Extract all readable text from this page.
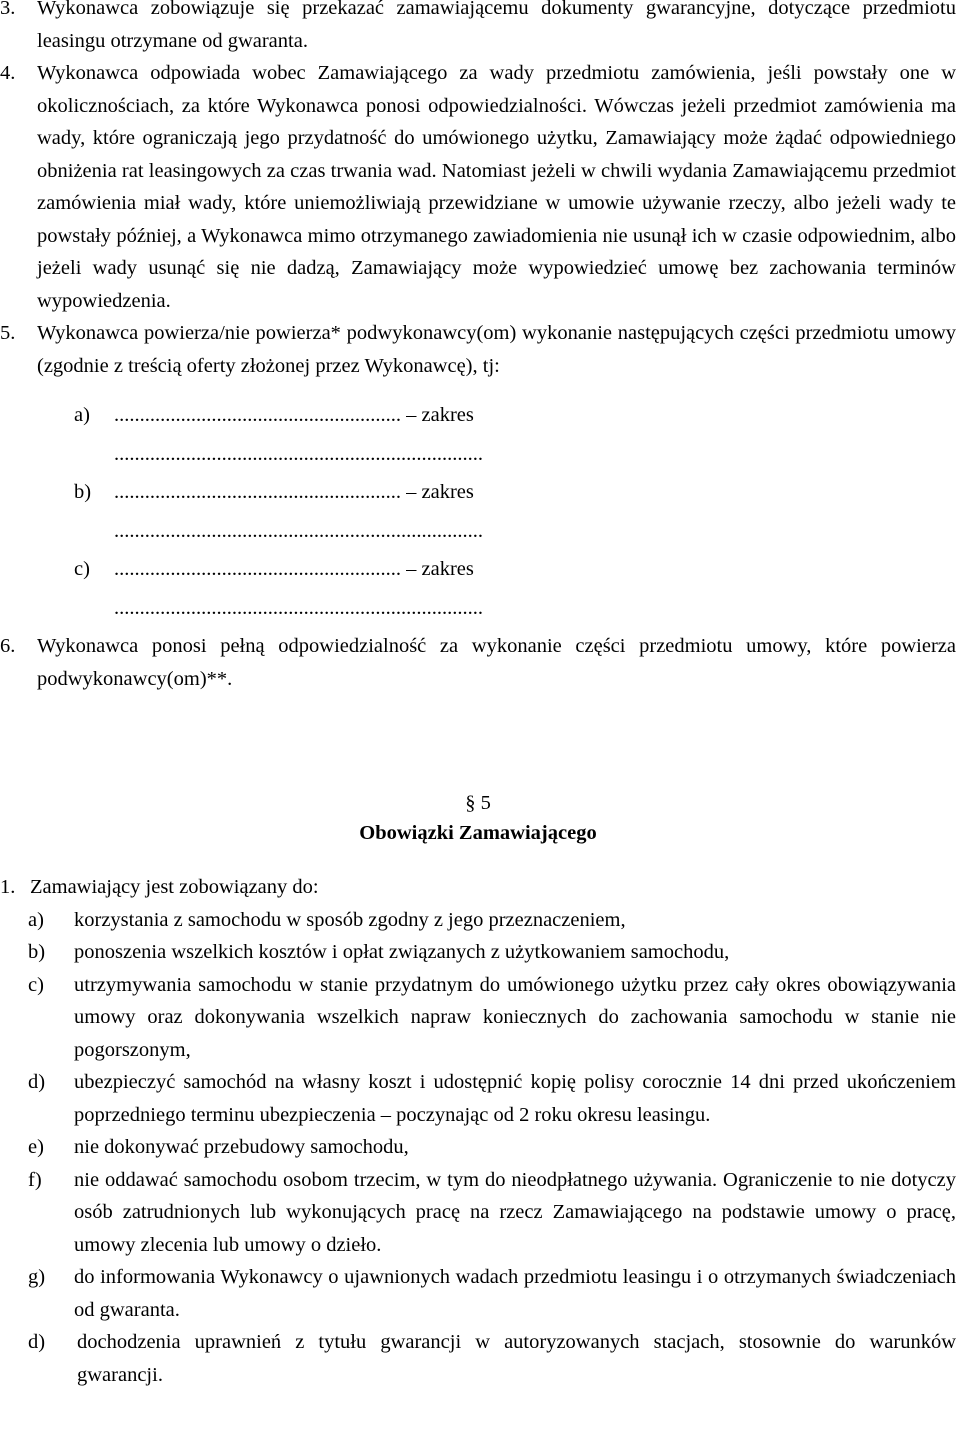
3. Wykonawca zobowiązuje się przekazać zamawiającemu dokumenty gwarancyjne, dotyczące przedmiotu leasingu otrzymane od gwaranta.
4. Wykonawca odpowiada wobec Zamawiającego za wady przedmiotu zamówienia, jeśli powstały one w okolicznościach, za które Wykonawca ponosi odpowiedzialności. Wówczas jeżeli przedmiot zamówienia ma wady, które ograniczają jego przydatność do umówionego użytku, Zamawiający może żądać odpowiedniego obniżenia rat leasingowych za czas trwania wad. Natomiast jeżeli w chwili wydania Zamawiającemu przedmiot zamówienia miał wady, które uniemożliwiają przewidziane w umowie używanie rzeczy, albo jeżeli wady te powstały później, a Wykonawca mimo otrzymanego zawiadomienia nie usunął ich w czasie odpowiednim, albo jeżeli wady usunąć się nie dadzą, Zamawiający może wypowiedzieć umowę bez zachowania terminów wypowiedzenia.
5. Wykonawca powierza/nie powierza* podwykonawcy(om) wykonanie następujących części przedmiotu umowy (zgodnie z treścią oferty złożonej przez Wykonawcę), tj:
a)	........................................................ – zakres
........................................................................
b)	........................................................ – zakres
........................................................................
c)	........................................................ – zakres
........................................................................
6. Wykonawca ponosi pełną odpowiedzialność za wykonanie części przedmiotu umowy, które powierza podwykonawcy(om)**.
§ 5
Obowiązki Zamawiającego
1. Zamawiający jest zobowiązany do:
a) korzystania z samochodu w sposób zgodny z jego przeznaczeniem,
b) ponoszenia wszelkich kosztów i opłat związanych z użytkowaniem samochodu,
c) utrzymywania samochodu w stanie przydatnym do umówionego użytku przez cały okres obowiązywania umowy oraz dokonywania wszelkich napraw koniecznych do zachowania samochodu w stanie nie pogorszonym,
d) ubezpieczyć samochód na własny koszt i udostępnić kopię polisy corocznie 14 dni przed ukończeniem poprzedniego terminu ubezpieczenia – poczynając od 2 roku okresu leasingu.
e) nie dokonywać przebudowy samochodu,
f) nie oddawać samochodu osobom trzecim, w tym do nieodpłatnego używania. Ograniczenie to nie dotyczy osób zatrudnionych lub wykonujących pracę na rzecz Zamawiającego na podstawie umowy o pracę, umowy zlecenia lub umowy o dzieło.
g) do informowania Wykonawcy o ujawnionych wadach przedmiotu leasingu i o otrzymanych świadczeniach od gwaranta.
d) dochodzenia uprawnień z tytułu gwarancji w autoryzowanych stacjach, stosownie do warunków gwarancji.
